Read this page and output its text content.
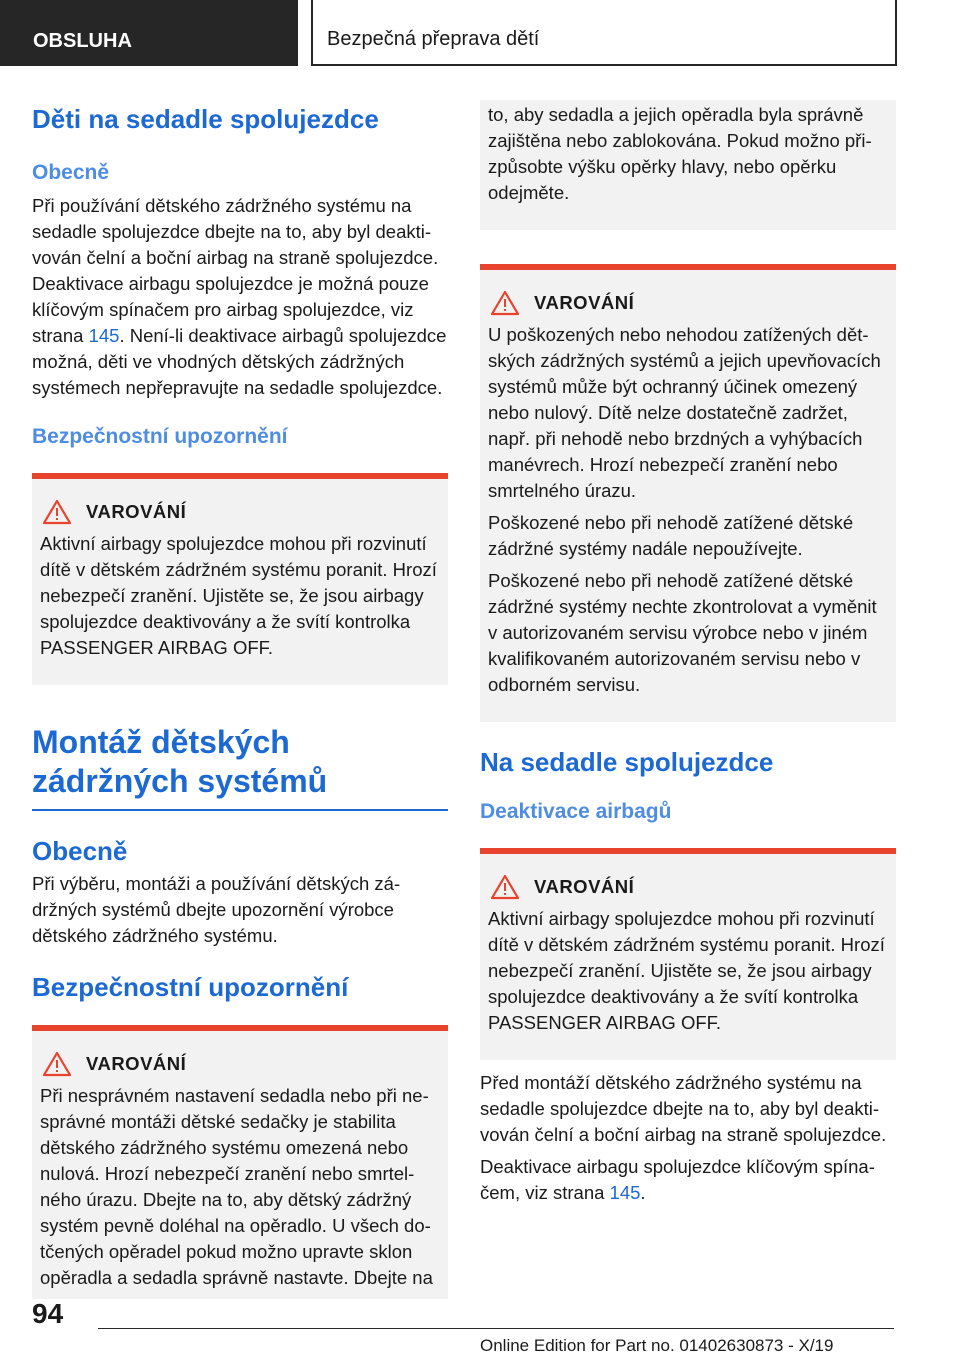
OBSLUHA	Bezpečná přeprava dětí
Děti na sedadle spolujezdce
Obecně

Při používání dětského zádržného systému na sedadle spolujezdce dbejte na to, aby byl deaktivován čelní a boční airbag na straně spolujezdce. Deaktivace airbagu spolujezdce je možná pouze klíčovým spínačem pro airbag spolujezdce, viz strana 145. Není-li deaktivace airbagů spolujezdce možná, děti ve vhodných dětských zádržných systémech nepřepravujte na sedadle spolujezdce.

Bezpečnostní upozornění
VAROVÁNÍ

Aktivní airbagy spolujezdce mohou při rozvinutí dítě v dětském zádržném systému poranit. Hrozí nebezpečí zranění. Ujistěte se, že jsou airbagy spolujezdce deaktivovány a že svítí kontrolka PASSENGER AIRBAG OFF.

Montáž dětských zádržných systémů
Obecně

Při výběru, montáži a používání dětských zádržných systémů dbejte upozornění výrobce dětského zádržného systému.

Bezpečnostní upozornění
VAROVÁNÍ

Při nesprávném nastavení sedadla nebo při nesprávné montáži dětské sedačky je stabilita dětského zádržného systému omezená nebo nulová. Hrozí nebezpečí zranění nebo smrtelného úrazu. Dbejte na to, aby dětský zádržný systém pevně doléhal na opěradlo. U všech dotčených opěradel pokud možno upravte sklon opěradla a sedadla správně nastavte. Dbejte na

to, aby sedadla a jejich opěradla byla správně zajištěna nebo zablokována. Pokud možno přizpůsobte výšku opěrky hlavy, nebo opěrku odejměte.

VAROVÁNÍ

U poškozených nebo nehodou zatížených dětských zádržných systémů a jejich upevňovacích systémů může být ochranný účinek omezený nebo nulový. Dítě nelze dostatečně zadržet, např. při nehodě nebo brzdných a vyhýbacích manévrech. Hrozí nebezpečí zranění nebo smrtelného úrazu.

Poškozené nebo při nehodě zatížené dětské zádržné systémy nadále nepoužívejte.

Poškozené nebo při nehodě zatížené dětské zádržné systémy nechte zkontrolovat a vyměnit v autorizovaném servisu výrobce nebo v jiném kvalifikovaném autorizovaném servisu nebo v odborném servisu.

Na sedadle spolujezdce
Deaktivace airbagů
VAROVÁNÍ

Aktivní airbagy spolujezdce mohou při rozvinutí dítě v dětském zádržném systému poranit. Hrozí nebezpečí zranění. Ujistěte se, že jsou airbagy spolujezdce deaktivovány a že svítí kontrolka PASSENGER AIRBAG OFF.

Před montáží dětského zádržného systému na sedadle spolujezdce dbejte na to, aby byl deaktivován čelní a boční airbag na straně spolujezdce.

Deaktivace airbagu spolujezdce klíčovým spínačem, viz strana 145.

94
Online Edition for Part no. 01402630873 - X/19
